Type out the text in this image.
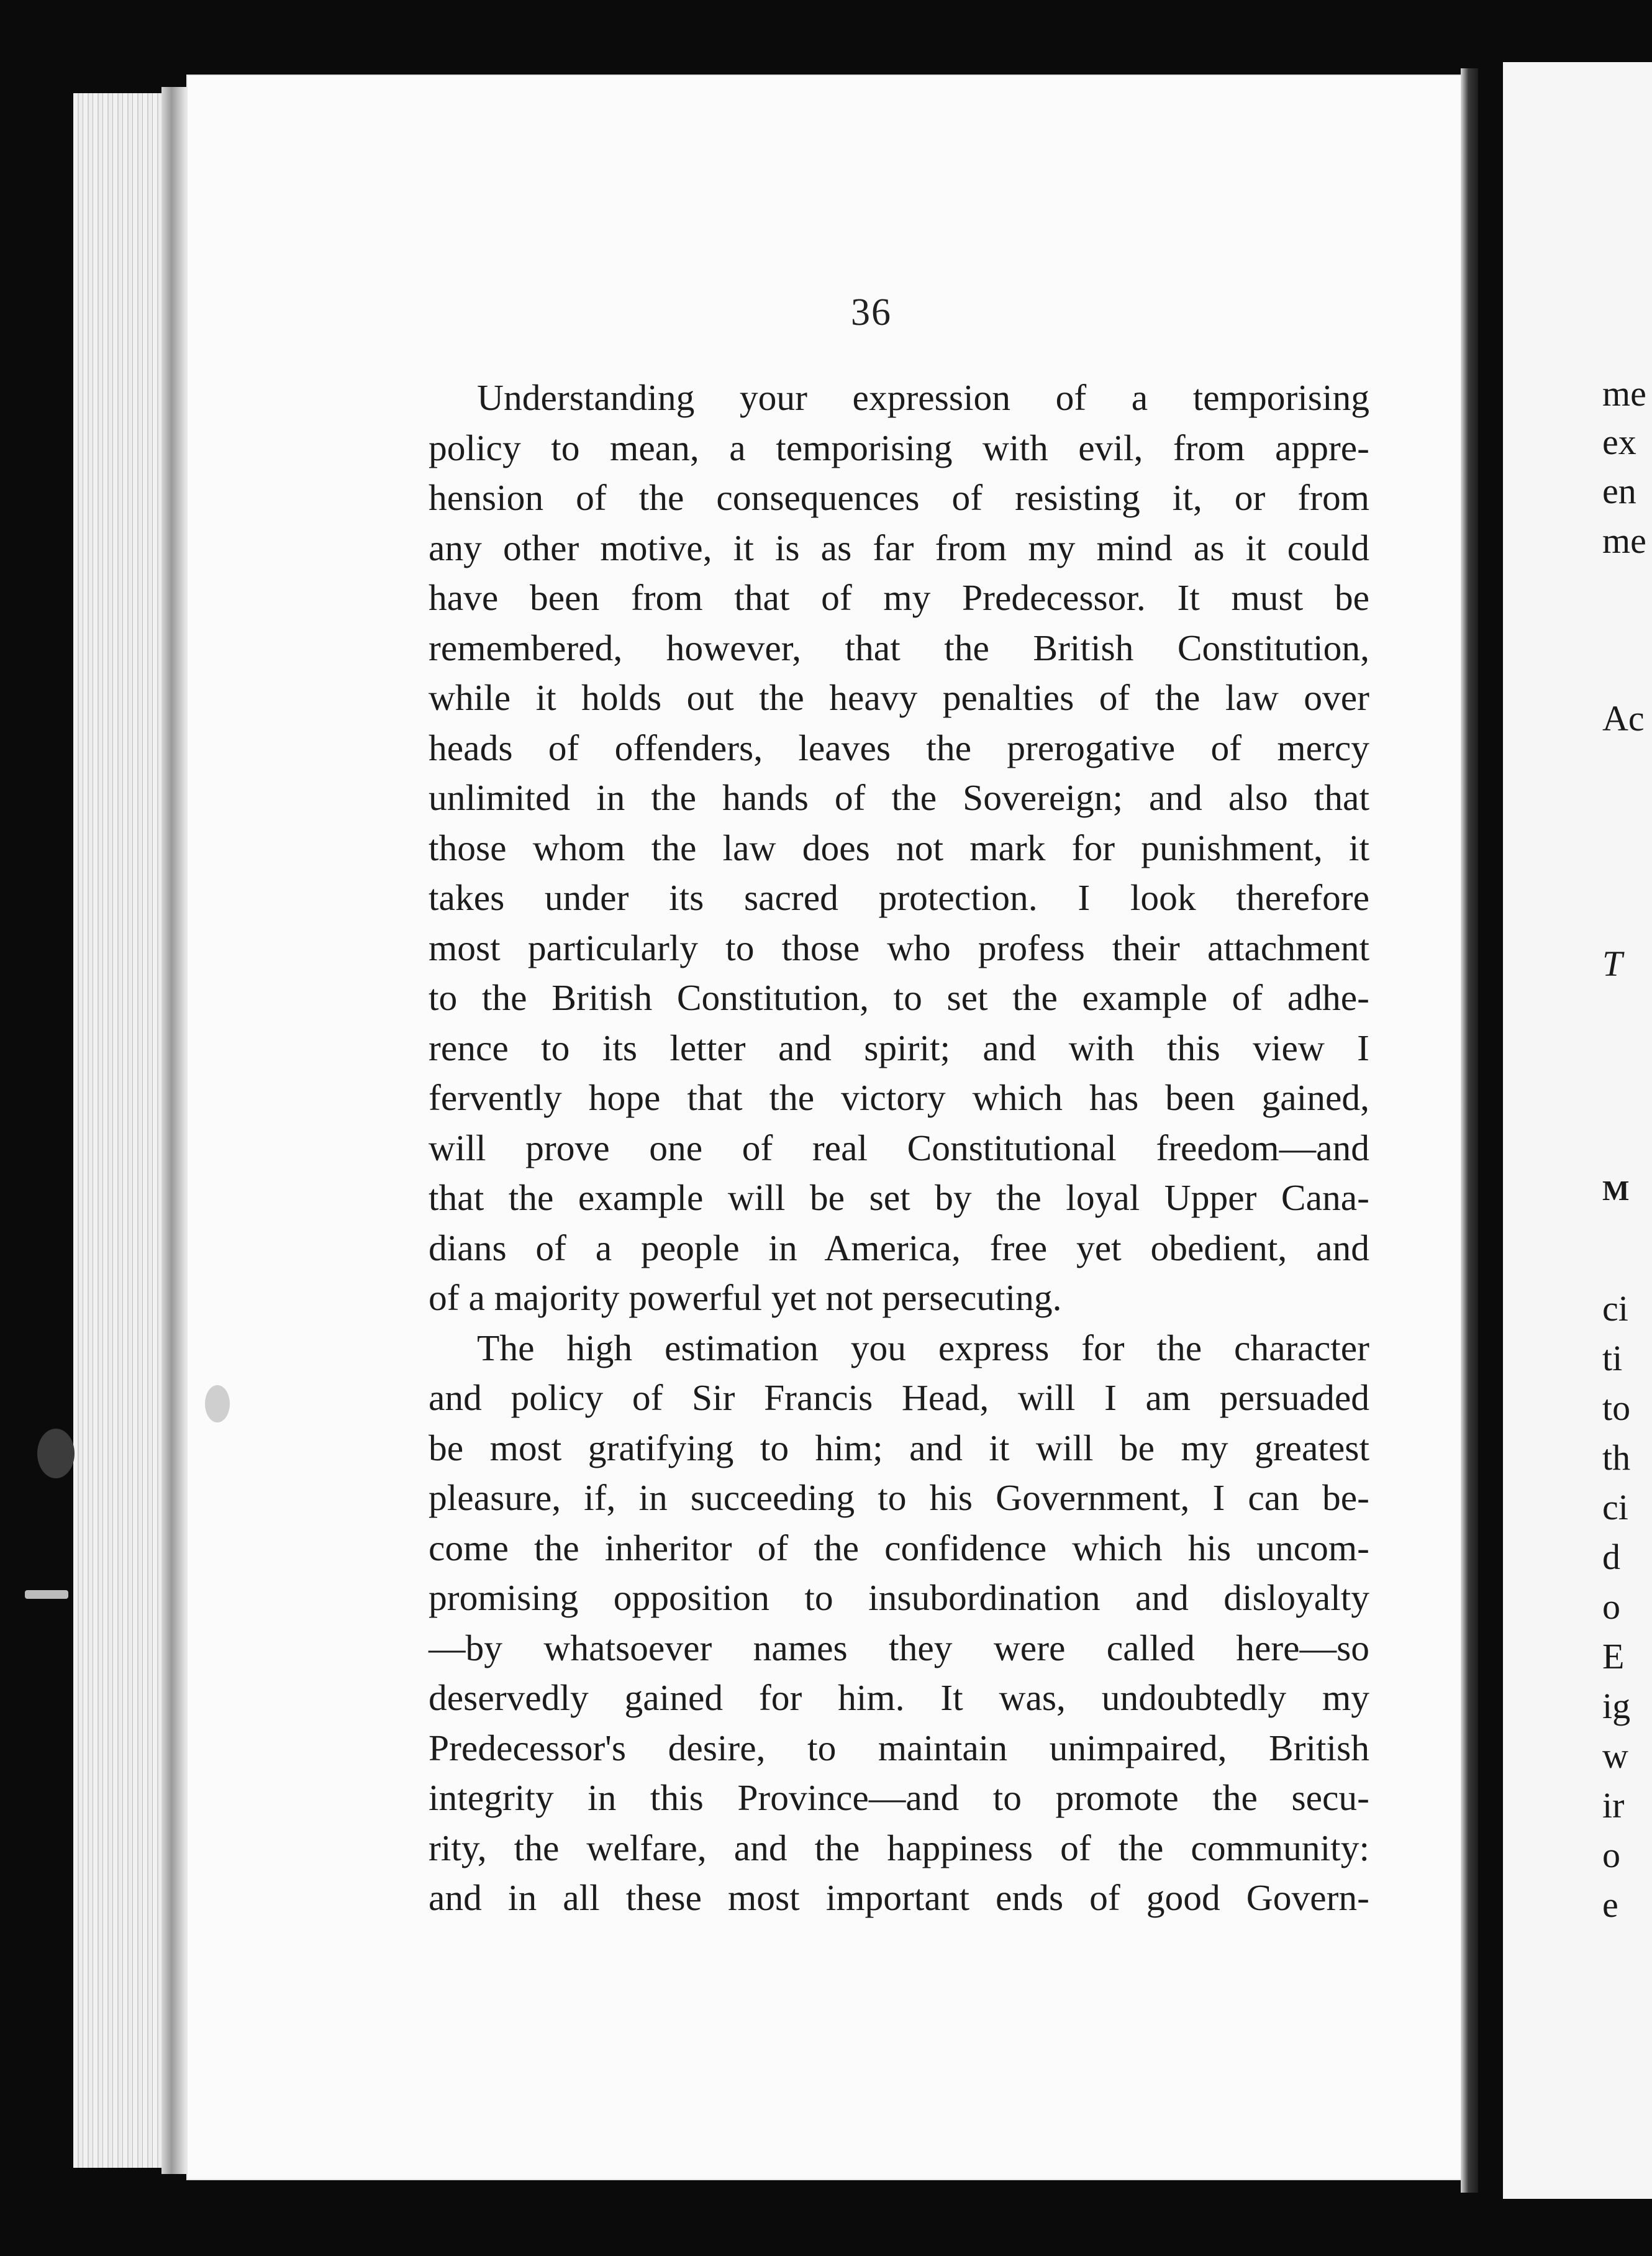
36
Understanding your expression of a temporising
policy to mean, a temporising with evil, from appre-
hension of the consequences of resisting it, or from
any other motive, it is as far from my mind as it could
have been from that of my Predecessor. It must be
remembered, however, that the British Constitution,
while it holds out the heavy penalties of the law over
heads of offenders, leaves the prerogative of mercy
unlimited in the hands of the Sovereign; and also that
those whom the law does not mark for punishment, it
takes under its sacred protection. I look therefore
most particularly to those who profess their attachment
to the British Constitution, to set the example of adhe-
rence to its letter and spirit; and with this view I
fervently hope that the victory which has been gained,
will prove one of real Constitutional freedom—and
that the example will be set by the loyal Upper Cana-
dians of a people in America, free yet obedient, and
of a majority powerful yet not persecuting.
The high estimation you express for the character
and policy of Sir Francis Head, will I am persuaded
be most gratifying to him; and it will be my greatest
pleasure, if, in succeeding to his Government, I can be-
come the inheritor of the confidence which his uncom-
promising opposition to insubordination and disloyalty
—by whatsoever names they were called here—so
deservedly gained for him. It was, undoubtedly my
Predecessor's desire, to maintain unimpaired, British
integrity in this Province—and to promote the secu-
rity, the welfare, and the happiness of the community:
and in all these most important ends of good Govern-
me
ex
en
me
Ac
T
M
ci
ti
to
th
ci
d
o
E
ig
w
ir
o
e
